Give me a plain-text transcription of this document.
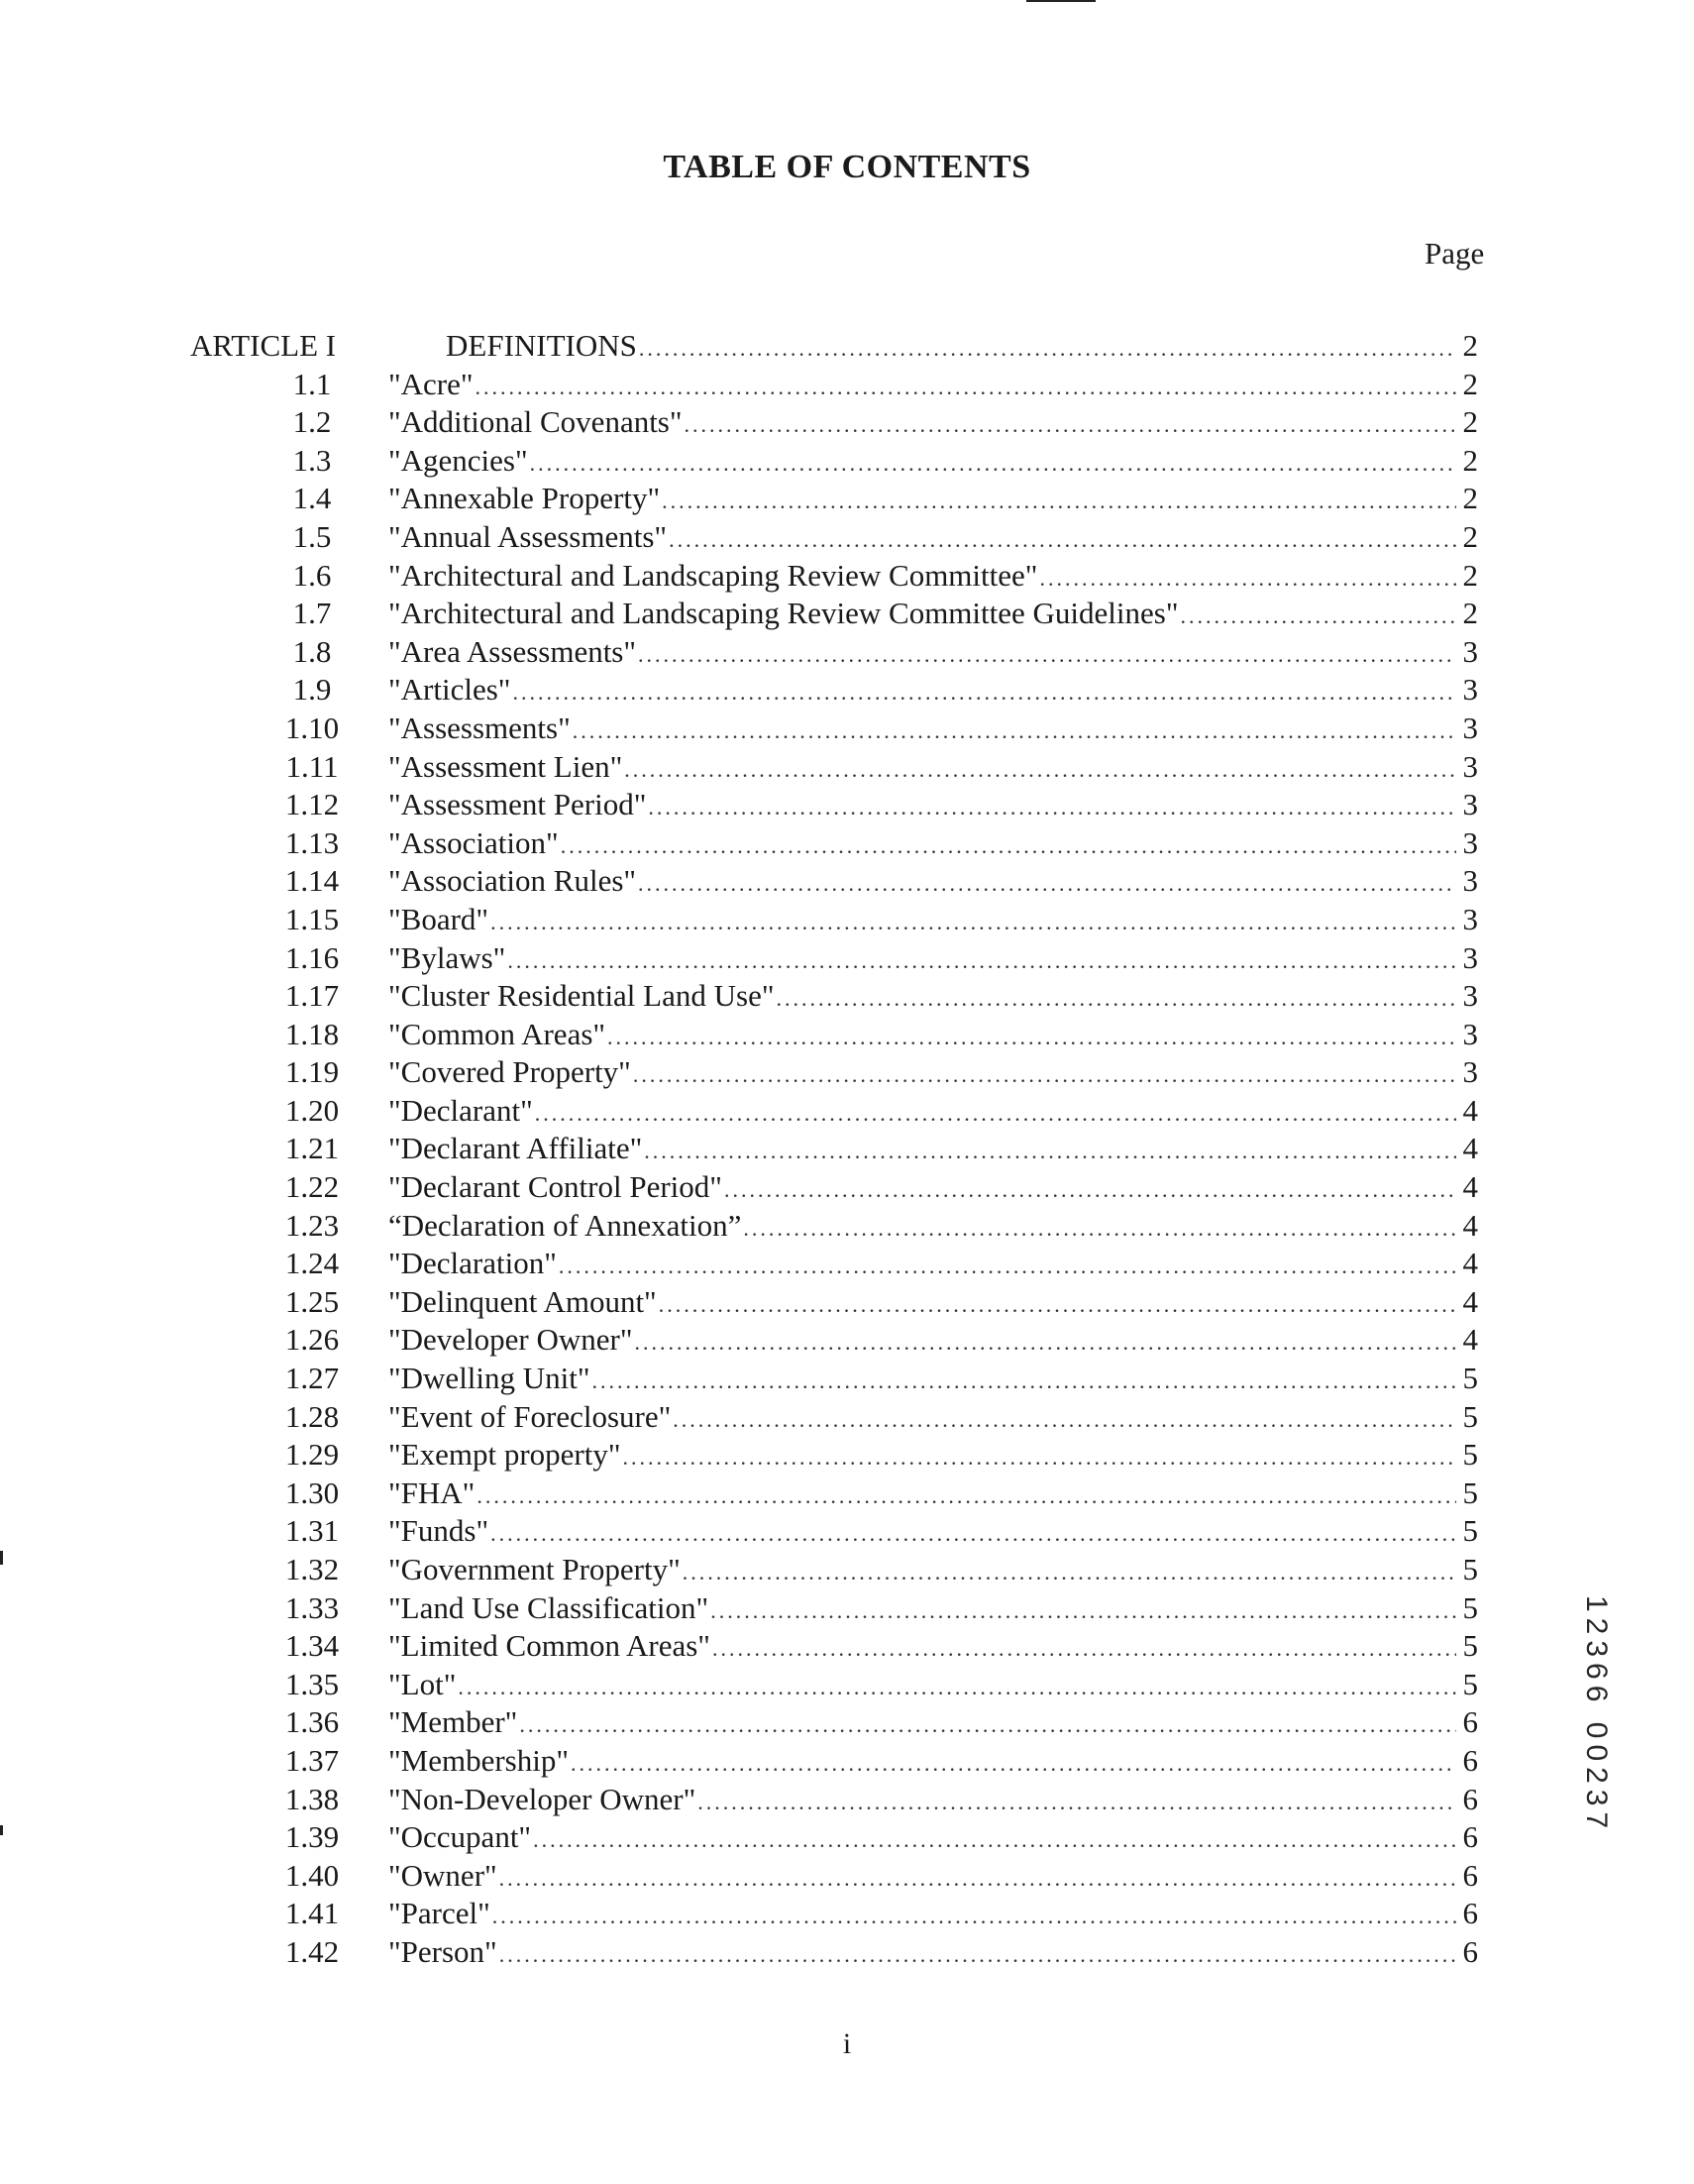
TABLE OF CONTENTS
Page
ARTICLE I	DEFINITIONS .....	2
1.1	"Acre" .....	2
1.2	"Additional Covenants" .....	2
1.3	"Agencies" .....	2
1.4	"Annexable Property" .....	2
1.5	"Annual Assessments" .....	2
1.6	"Architectural and Landscaping Review Committee" .....	2
1.7	"Architectural and Landscaping Review Committee Guidelines" .....	2
1.8	"Area Assessments" .....	3
1.9	"Articles" .....	3
1.10 "Assessments" .....	3
1.11 "Assessment Lien" .....	3
1.12 "Assessment Period" .....	3
1.13 "Association" .....	3
1.14 "Association Rules" .....	3
1.15 "Board" .....	3
1.16 "Bylaws" .....	3
1.17 "Cluster Residential Land Use" .....	3
1.18 "Common Areas" .....	3
1.19 "Covered Property" .....	3
1.20 "Declarant" .....	4
1.21 "Declarant Affiliate" .....	4
1.22 "Declarant Control Period" .....	4
1.23 “Declaration of Annexation” .....	4
1.24 "Declaration" .....	4
1.25 "Delinquent Amount" .....	4
1.26 "Developer Owner" .....	4
1.27 "Dwelling Unit" .....	5
1.28 "Event of Foreclosure" .....	5
1.29 "Exempt property" .....	5
1.30 "FHA" .....	5
1.31 "Funds" .....	5
1.32 "Government Property" .....	5
1.33 "Land Use Classification" .....	5
1.34 "Limited Common Areas" .....	5
1.35 "Lot" .....	5
1.36 "Member" .....	6
1.37 "Membership" .....	6
1.38 "Non-Developer Owner" .....	6
1.39 "Occupant" .....	6
1.40 "Owner" .....	6
1.41 "Parcel" .....	6
1.42 "Person" .....	6
i
12366 00237
